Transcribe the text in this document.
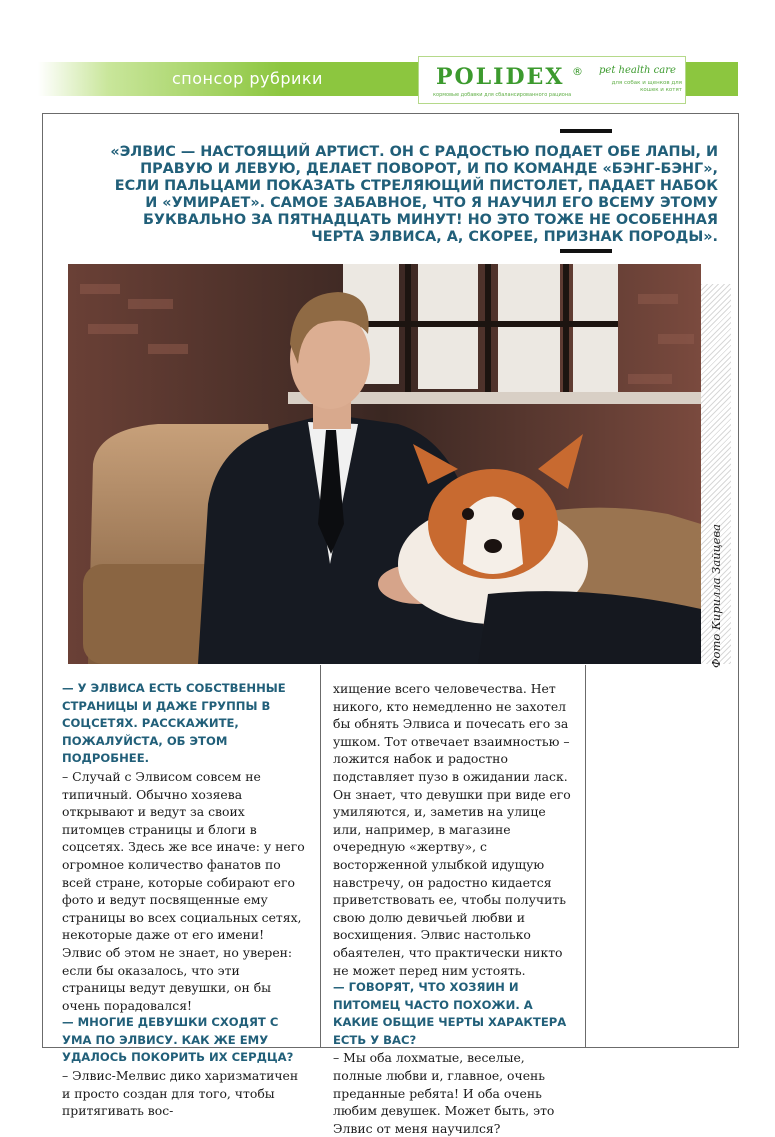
спонсор рубрики	POLIDEX ® pet health care
кормовые добавки для сбалансированного рациона
для собак и щенков для кошек и котят
«ЭЛВИС — НАСТОЯЩИЙ АРТИСТ. ОН С РАДОСТЬЮ ПОДАЕТ ОБЕ ЛАПЫ, И ПРАВУЮ И ЛЕВУЮ, ДЕЛАЕТ ПОВОРОТ, И ПО КОМАНДЕ «БЭНГ-БЭНГ», ЕСЛИ ПАЛЬЦАМИ ПОКАЗАТЬ СТРЕЛЯЮЩИЙ ПИСТОЛЕТ, ПАДАЕТ НАБОК И «УМИРАЕТ». САМОЕ ЗАБАВНОЕ, ЧТО Я НАУЧИЛ ЕГО ВСЕМУ ЭТОМУ БУКВАЛЬНО ЗА ПЯТНАДЦАТЬ МИНУТ! НО ЭТО ТОЖЕ НЕ ОСОБЕННАЯ ЧЕРТА ЭЛВИСА, А, СКОРЕЕ, ПРИЗНАК ПОРОДЫ».
Фото Кирилла Зайцева

— У ЭЛВИСА ЕСТЬ СОБСТВЕННЫЕ СТРАНИЦЫ И ДАЖЕ ГРУППЫ В СОЦСЕТЯХ. РАССКАЖИТЕ, ПОЖАЛУЙСТА, ОБ ЭТОМ ПОДРОБНЕЕ.

– Случай с Элвисом совсем не типичный. Обычно хозяева открывают и ведут за своих питомцев страницы и блоги в соцсетях. Здесь же все иначе: у него огромное количество фанатов по всей стране, которые собирают его фото и ведут посвященные ему страницы во всех социальных сетях, некоторые даже от его имени! Элвис об этом не знает, но уверен: если бы оказалось, что эти страницы ведут девушки, он бы очень порадовался!

— МНОГИЕ ДЕВУШКИ СХОДЯТ С УМА ПО ЭЛВИСУ. КАК ЖЕ ЕМУ УДАЛОСЬ ПОКОРИТЬ ИХ СЕРДЦА?

– Элвис-Мелвис дико харизматичен и просто создан для того, чтобы притягивать вос-

хищение всего человечества. Нет никого, кто немедленно не захотел бы обнять Элвиса и почесать его за ушком. Тот отвечает взаимностью – ложится набок и радостно подставляет пузо в ожидании ласк. Он знает, что девушки при виде его умиляются, и, заметив на улице или, например, в магазине очередную «жертву», с восторженной улыбкой идущую навстречу, он радостно кидается приветствовать ее, чтобы получить свою долю девичьей любви и восхищения. Элвис настолько обаятелен, что практически никто не может перед ним устоять.

— ГОВОРЯТ, ЧТО ХОЗЯИН И ПИТОМЕЦ ЧАСТО ПОХОЖИ. А КАКИЕ ОБЩИЕ ЧЕРТЫ ХАРАКТЕРА ЕСТЬ У ВАС?

– Мы оба лохматые, веселые, полные любви и, главное, очень преданные ребята! И оба очень любим девушек. Может быть, это Элвис от меня научился?
